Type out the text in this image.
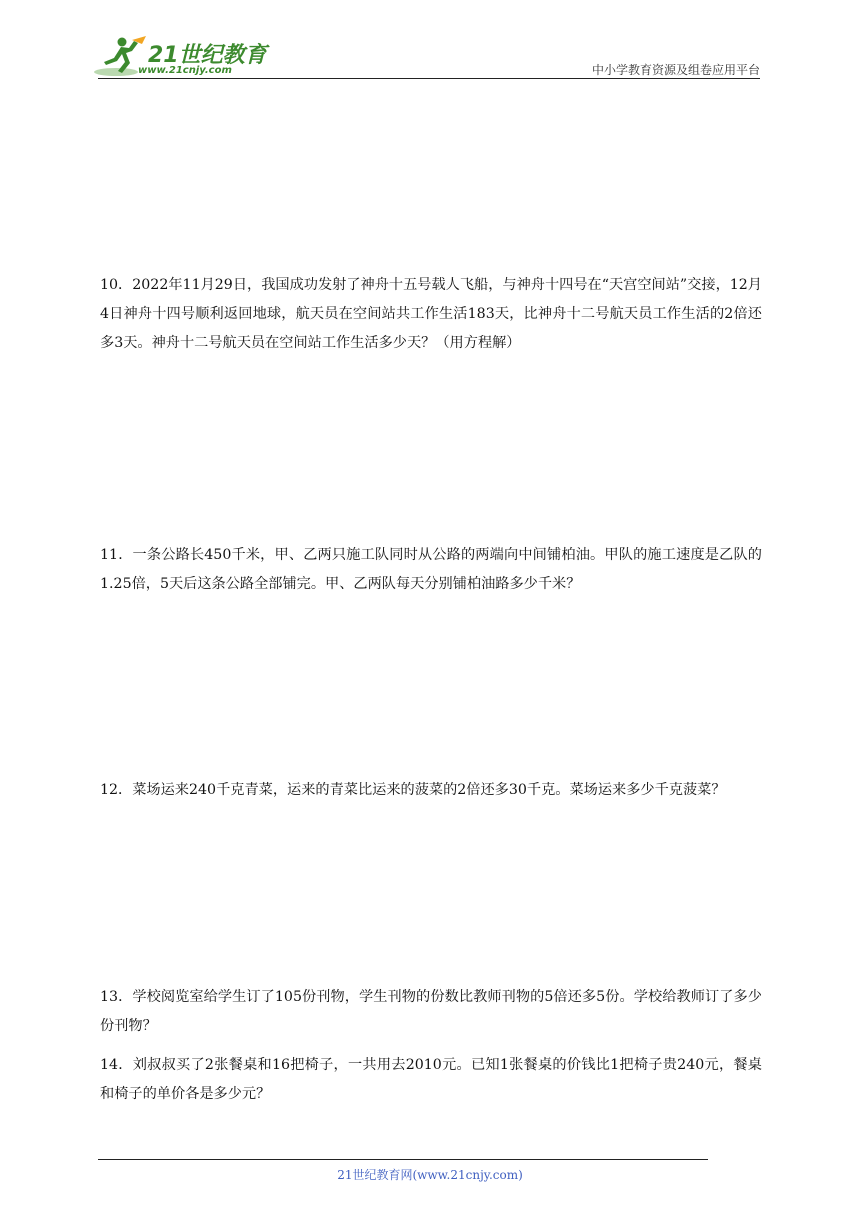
21世纪教育
www.21cnjy.com	中小学教育资源及组卷应用平台
10．2022年11月29日，我国成功发射了神舟十五号载人飞船，与神舟十四号在“天宫空间站”交接，12月4日神舟十四号顺利返回地球，航天员在空间站共工作生活183天，比神舟十二号航天员工作生活的2倍还多3天。神舟十二号航天员在空间站工作生活多少天？（用方程解）
11．一条公路长450千米，甲、乙两只施工队同时从公路的两端向中间铺柏油。甲队的施工速度是乙队的1.25倍，5天后这条公路全部铺完。甲、乙两队每天分别铺柏油路多少千米？
12．菜场运来240千克青菜，运来的青菜比运来的菠菜的2倍还多30千克。菜场运来多少千克菠菜？
13．学校阅览室给学生订了105份刊物，学生刊物的份数比教师刊物的5倍还多5份。学校给教师订了多少份刊物？
14．刘叔叔买了2张餐桌和16把椅子，一共用去2010元。已知1张餐桌的价钱比1把椅子贵240元，餐桌和椅子的单价各是多少元？
21世纪教育网(www.21cnjy.com)
